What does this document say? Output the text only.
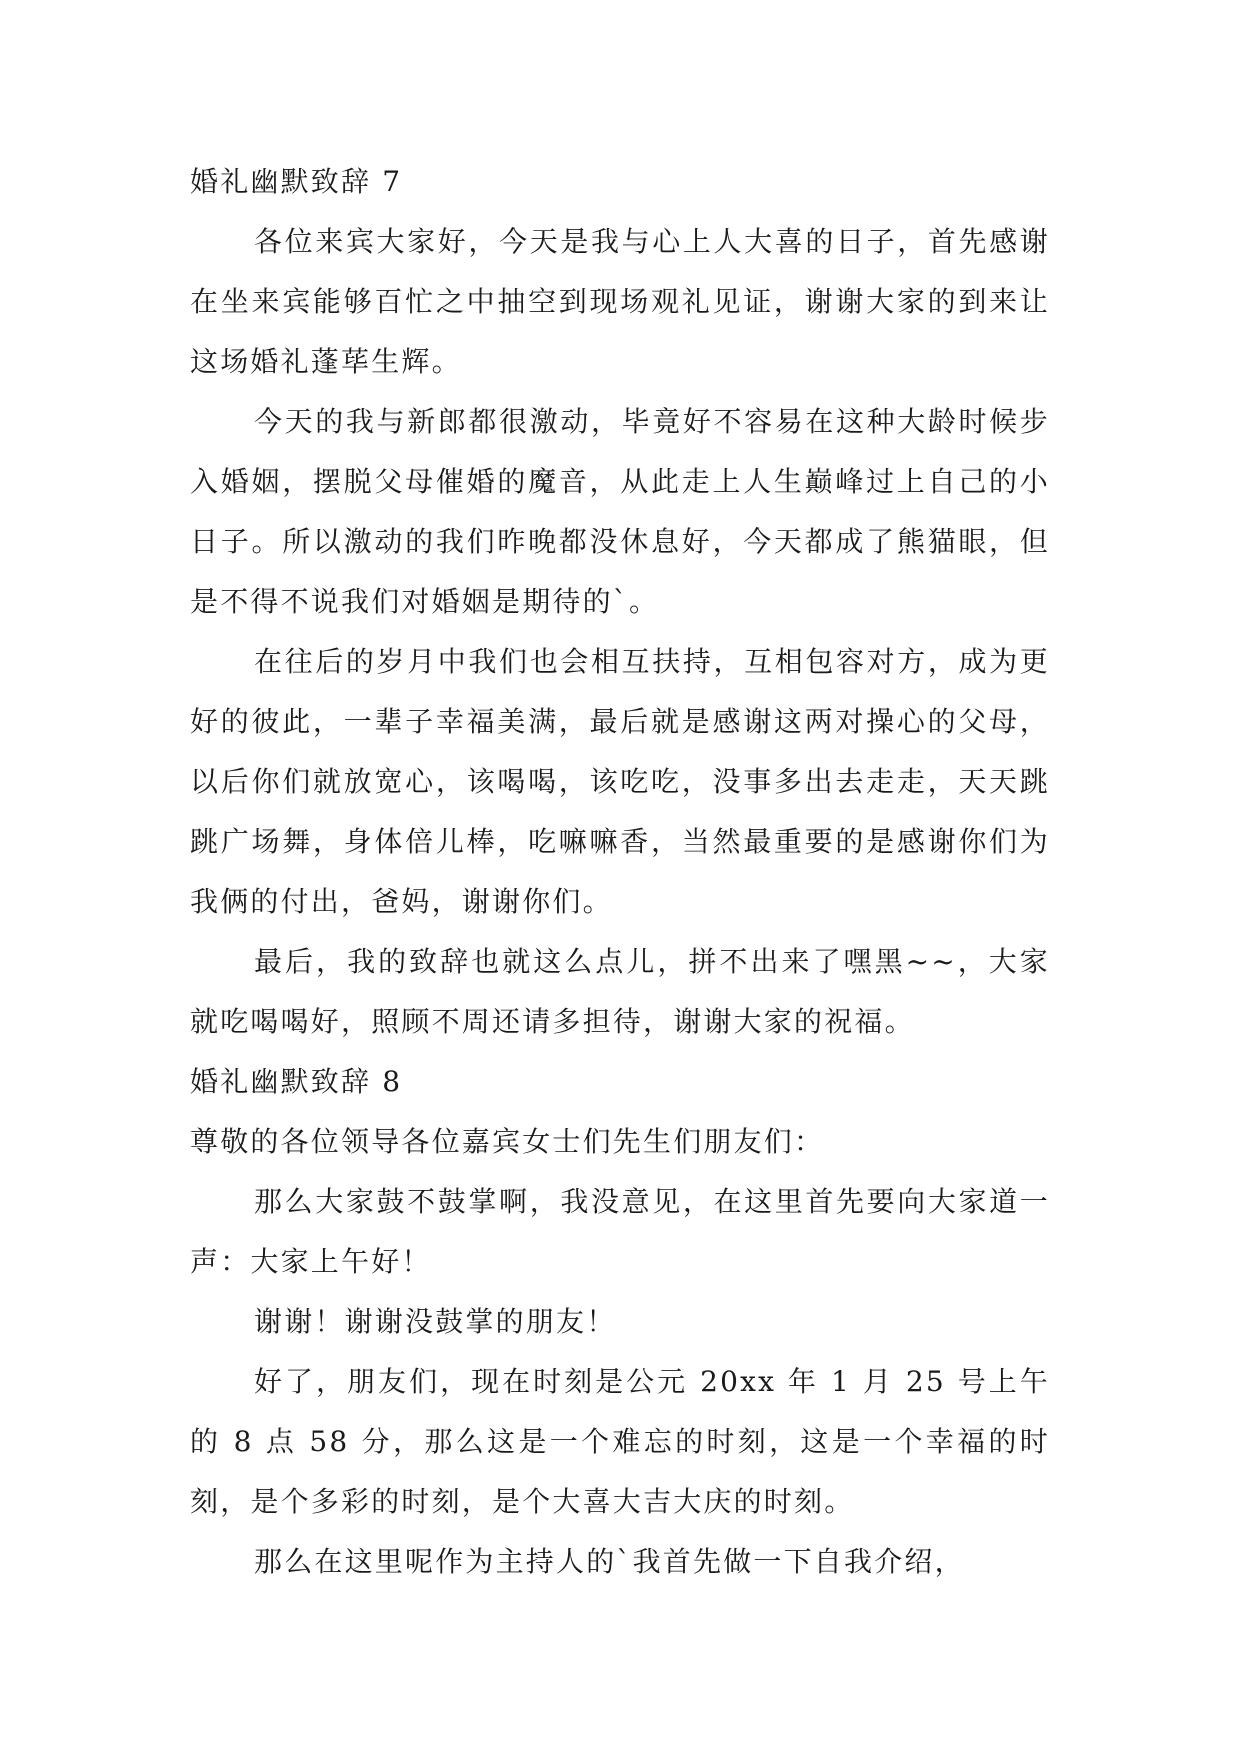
婚礼幽默致辞 7

各位来宾大家好，今天是我与心上人大喜的日子，首先感谢在坐来宾能够百忙之中抽空到现场观礼见证，谢谢大家的到来让这场婚礼蓬荜生辉。

今天的我与新郎都很激动，毕竟好不容易在这种大龄时候步入婚姻，摆脱父母催婚的魔音，从此走上人生巅峰过上自己的小日子。所以激动的我们昨晚都没休息好，今天都成了熊猫眼，但是不得不说我们对婚姻是期待的`。

在往后的岁月中我们也会相互扶持，互相包容对方，成为更好的彼此，一辈子幸福美满，最后就是感谢这两对操心的父母，以后你们就放宽心，该喝喝，该吃吃，没事多出去走走，天天跳跳广场舞，身体倍儿棒，吃嘛嘛香，当然最重要的是感谢你们为我俩的付出，爸妈，谢谢你们。

最后，我的致辞也就这么点儿，拼不出来了嘿黑~~，大家就吃喝喝好，照顾不周还请多担待，谢谢大家的祝福。

婚礼幽默致辞 8

尊敬的各位领导各位嘉宾女士们先生们朋友们：

那么大家鼓不鼓掌啊，我没意见，在这里首先要向大家道一声：大家上午好！

谢谢！谢谢没鼓掌的朋友！

好了，朋友们，现在时刻是公元 20xx 年 1 月 25 号上午的 8 点 58 分，那么这是一个难忘的时刻，这是一个幸福的时刻，是个多彩的时刻，是个大喜大吉大庆的时刻。

那么在这里呢作为主持人的`我首先做一下自我介绍，
